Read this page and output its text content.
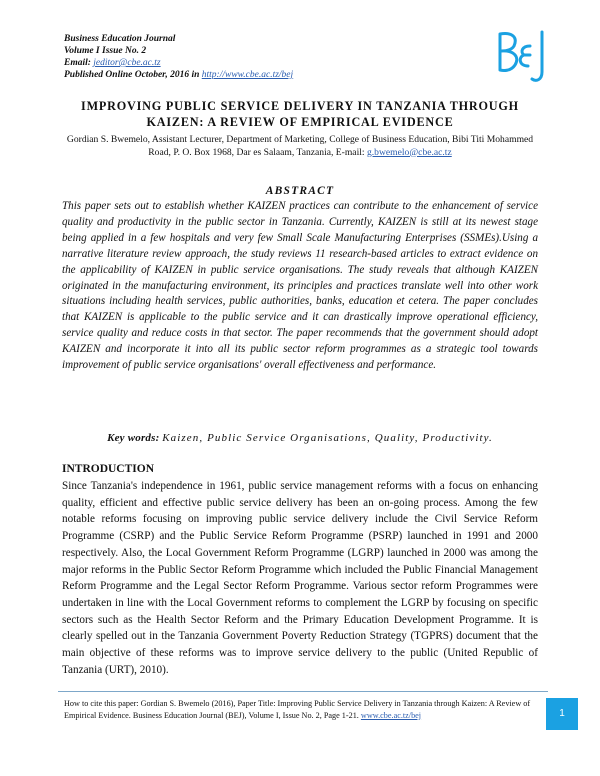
Business Education Journal
Volume I Issue No. 2
Email: jeditor@cbe.ac.tz
Published Online October, 2016 in http://www.cbe.ac.tz/bej
IMPROVING PUBLIC SERVICE DELIVERY IN TANZANIA THROUGH KAIZEN: A REVIEW OF EMPIRICAL EVIDENCE
Gordian S. Bwemelo, Assistant Lecturer, Department of Marketing, College of Business Education, Bibi Titi Mohammed Road, P. O. Box 1968, Dar es Salaam, Tanzania, E-mail: g.bwemelo@cbe.ac.tz
ABSTRACT
This paper sets out to establish whether KAIZEN practices can contribute to the enhancement of service quality and productivity in the public sector in Tanzania. Currently, KAIZEN is still at its newest stage being applied in a few hospitals and very few Small Scale Manufacturing Enterprises (SSMEs).Using a narrative literature review approach, the study reviews 11 research-based articles to extract evidence on the applicability of KAIZEN in public service organisations. The study reveals that although KAIZEN originated in the manufacturing environment, its principles and practices translate well into other work situations including health services, public authorities, banks, education et cetera. The paper concludes that KAIZEN is applicable to the public service and it can drastically improve operational efficiency, service quality and reduce costs in that sector. The paper recommends that the government should adopt KAIZEN and incorporate it into all its public sector reform programmes as a strategic tool towards improvement of public service organisations' overall effectiveness and performance.
Key words: Kaizen, Public Service Organisations, Quality, Productivity.
INTRODUCTION
Since Tanzania's independence in 1961, public service management reforms with a focus on enhancing quality, efficient and effective public service delivery has been an on-going process. Among the few notable reforms focusing on improving public service delivery include the Civil Service Reform Programme (CSRP) and the Public Service Reform Programme (PSRP) launched in 1991 and 2000 respectively. Also, the Local Government Reform Programme (LGRP) launched in 2000 was among the major reforms in the Public Sector Reform Programme which included the Public Financial Management Reform Programme and the Legal Sector Reform Programme. Various sector reform Programmes were undertaken in line with the Local Government reforms to complement the LGRP by focusing on specific sectors such as the Health Sector Reform and the Primary Education Development Programme. It is clearly spelled out in the Tanzania Government Poverty Reduction Strategy (TGPRS) document that the main objective of these reforms was to improve service delivery to the public (United Republic of Tanzania (URT), 2010).
How to cite this paper: Gordian S. Bwemelo (2016), Paper Title: Improving Public Service Delivery in Tanzania through Kaizen: A Review of Empirical Evidence. Business Education Journal (BEJ), Volume I, Issue No. 2, Page 1-21. www.cbe.ac.tz/bej	1
